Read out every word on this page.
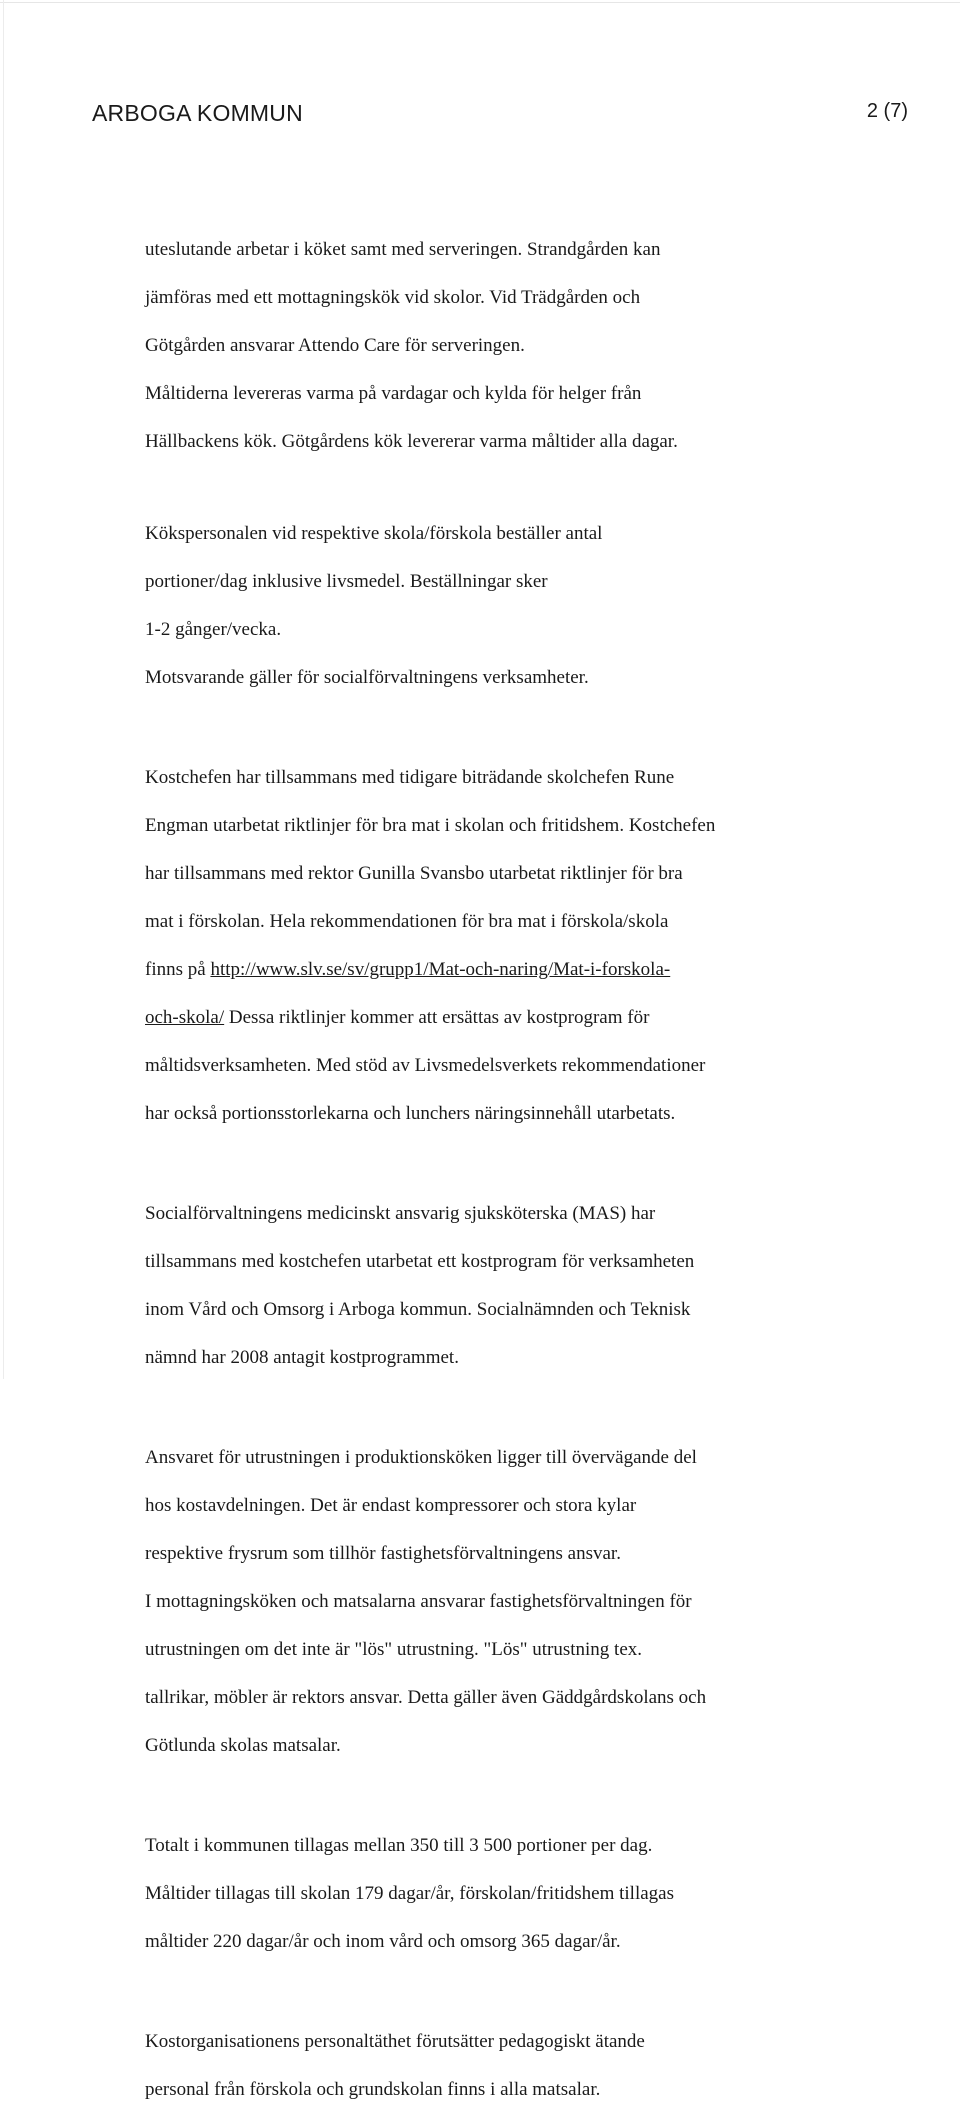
ARBOGA KOMMUN	2 (7)

uteslutande arbetar i köket samt med serveringen. Strandgården kan

jämföras med ett mottagningskök vid skolor. Vid Trädgården och

Götgården ansvarar Attendo Care för serveringen.

Måltiderna levereras varma på vardagar och kylda för helger från

Hällbackens kök. Götgårdens kök levererar varma måltider alla dagar.

Kökspersonalen vid respektive skola/förskola beställer antal

portioner/dag inklusive livsmedel. Beställningar sker

1-2 gånger/vecka.

Motsvarande gäller för socialförvaltningens verksamheter.

Kostchefen har tillsammans med tidigare biträdande skolchefen Rune

Engman utarbetat riktlinjer för bra mat i skolan och fritidshem. Kostchefen

har tillsammans med rektor Gunilla Svansbo utarbetat riktlinjer för bra

mat i förskolan. Hela rekommendationen för bra mat i förskola/skola

finns på http://www.slv.se/sv/grupp1/Mat-och-naring/Mat-i-forskola-

och-skola/ Dessa riktlinjer kommer att ersättas av kostprogram för

måltidsverksamheten. Med stöd av Livsmedelsverkets rekommendationer

har också portionsstorlekarna och lunchers näringsinnehåll utarbetats.

Socialförvaltningens medicinskt ansvarig sjuksköterska (MAS) har

tillsammans med kostchefen utarbetat ett kostprogram för verksamheten

inom Vård och Omsorg i Arboga kommun. Socialnämnden och Teknisk

nämnd har 2008 antagit kostprogrammet.

Ansvaret för utrustningen i produktionsköken ligger till övervägande del

hos kostavdelningen. Det är endast kompressorer och stora kylar

respektive frysrum som tillhör fastighetsförvaltningens ansvar.

I mottagningsköken och matsalarna ansvarar fastighetsförvaltningen för

utrustningen om det inte är "lös" utrustning. "Lös" utrustning tex.

tallrikar, möbler är rektors ansvar. Detta gäller även Gäddgårdskolans och

Götlunda skolas matsalar.

Totalt i kommunen tillagas mellan 350 till 3 500 portioner per dag.

Måltider tillagas till skolan 179 dagar/år, förskolan/fritidshem tillagas

måltider 220 dagar/år och inom vård och omsorg 365 dagar/år.

Kostorganisationens personaltäthet förutsätter pedagogiskt ätande

personal från förskola och grundskolan finns i alla matsalar.
